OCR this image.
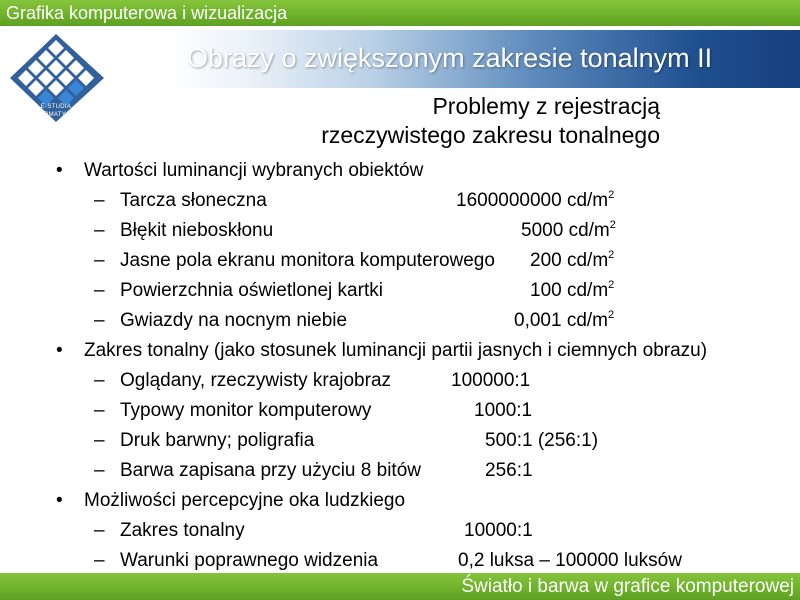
Grafika komputerowa i wizualizacja
E-STUDIA
INFORMATYCZNE
Obrazy o zwiększonym zakresie tonalnym II
Problemy z rejestracją
rzeczywistego zakresu tonalnego
• Wartości luminancji wybranych obiektów
– Tarcza słoneczna	1600000000 $cd/m^2$
– Błękit nieboskłonu	5000 $cd/m^2$
– Jasne pola ekranu monitora komputerowego 200 $cd/m^2$
– Powierzchnia oświetlonej kartki	100 $cd/m^2$
– Gwiazdy na nocnym niebie	0,001 $cd/m^2$
• Zakres tonalny (jako stosunek luminancji partii jasnych i ciemnych obrazu)
– Oglądany, rzeczywisty krajobraz	100000:1
– Typowy monitor komputerowy	1000:1
– Druk barwny; poligrafia	500:1 (256:1)
– Barwa zapisana przy użyciu 8 bitów	256:1
• Możliwości percepcyjne oka ludzkiego
– Zakres tonalny	10000:1
– Warunki poprawnego widzenia	0,2 luksa – 100000 luksów
Światło i barwa w grafice komputerowej
